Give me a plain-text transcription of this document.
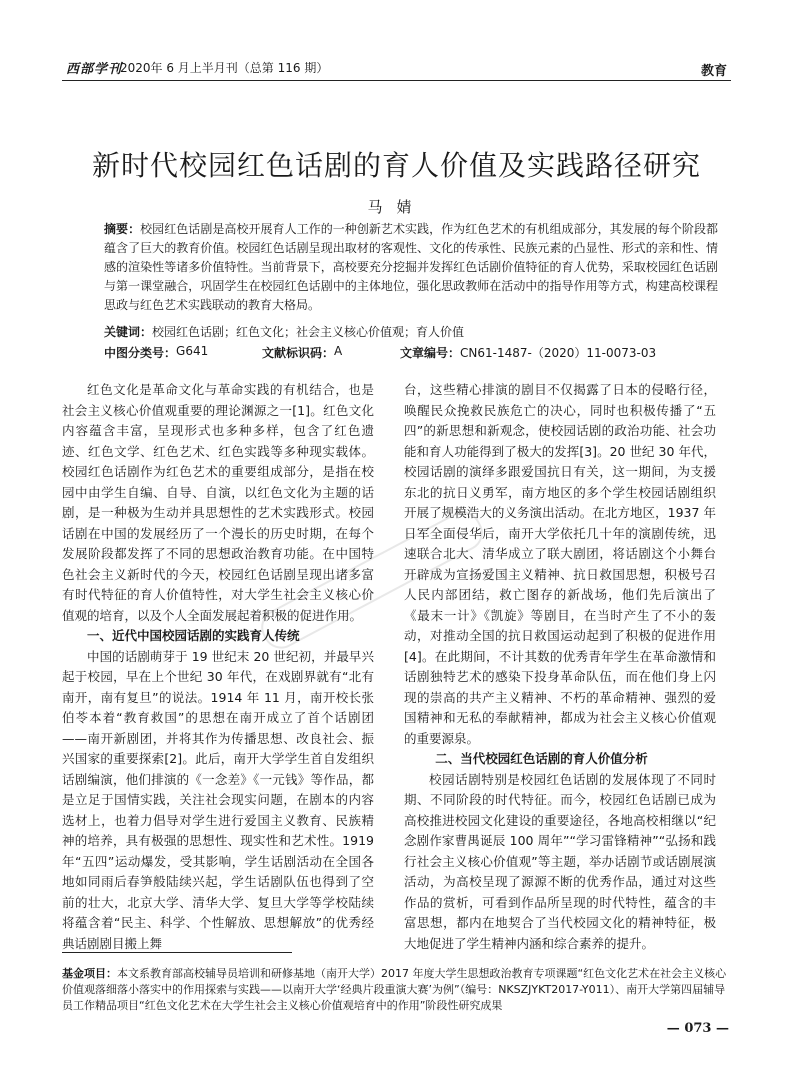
西部学刊
2020年 6 月上半月刊（总第 116 期）	教育
新时代校园红色话剧的育人价值及实践路径研究
马婧
摘要：校园红色话剧是高校开展育人工作的一种创新艺术实践，作为红色艺术的有机组成部分，其发展的每个阶段都蕴含了巨大的教育价值。校园红色话剧呈现出取材的客观性、文化的传承性、民族元素的凸显性、形式的亲和性、情感的渲染性等诸多价值特性。当前背景下，高校要充分挖掘并发挥红色话剧价值特征的育人优势，采取校园红色话剧与第一课堂融合，巩固学生在校园红色话剧中的主体地位，强化思政教师在活动中的指导作用等方式，构建高校课程思政与红色艺术实践联动的教育大格局。
关键词：校园红色话剧；红色文化；社会主义核心价值观；育人价值
中图分类号： G641	文献标识码： A	文章编号： CN61-1487-（2020）11-0073-03

红色文化是革命文化与革命实践的有机结合，也是社会主义核心价值观重要的理论渊源之一[1]。红色文化内容蕴含丰富，呈现形式也多种多样，包含了红色遗迹、红色文学、红色艺术、红色实践等多种现实载体。校园红色话剧作为红色艺术的重要组成部分，是指在校园中由学生自编、自导、自演，以红色文化为主题的话剧，是一种极为生动并具思想性的艺术实践形式。校园话剧在中国的发展经历了一个漫长的历史时期，在每个发展阶段都发挥了不同的思想政治教育功能。在中国特色社会主义新时代的今天，校园红色话剧呈现出诸多富有时代特征的育人价值特性，对大学生社会主义核心价值观的培育，以及个人全面发展起着积极的促进作用。

一、近代中国校园话剧的实践育人传统

中国的话剧萌芽于 19 世纪末 20 世纪初，并最早兴起于校园，早在上个世纪 30 年代，在戏剧界就有“北有南开，南有复旦”的说法。1914 年 11 月，南开校长张伯苓本着“教育救国”的思想在南开成立了首个话剧团——南开新剧团，并将其作为传播思想、改良社会、振兴国家的重要探索[2]。此后，南开大学学生首自发组织话剧编演，他们排演的《一念差》《一元钱》等作品，都是立足于国情实践，关注社会现实问题，在剧本的内容选材上，也着力倡导对学生进行爱国主义教育、民族精神的培养，具有极强的思想性、现实性和艺术性。1919 年“五四”运动爆发，受其影响，学生话剧活动在全国各地如同雨后春笋般陆续兴起，学生话剧队伍也得到了空前的壮大，北京大学、清华大学、复旦大学等学校陆续将蕴含着“民主、科学、个性解放、思想解放”的优秀经典话剧剧目搬上舞

台，这些精心排演的剧目不仅揭露了日本的侵略行径，唤醒民众挽救民族危亡的决心，同时也积极传播了“五四”的新思想和新观念，使校园话剧的政治功能、社会功能和育人功能得到了极大的发挥[3]。20 世纪 30 年代，校园话剧的演绎多跟爱国抗日有关，这一期间，为支援东北的抗日义勇军，南方地区的多个学生校园话剧组织开展了规模浩大的义务演出活动。在北方地区，1937 年日军全面侵华后，南开大学依托几十年的演剧传统，迅速联合北大、清华成立了联大剧团，将话剧这个小舞台开辟成为宣扬爱国主义精神、抗日救国思想，积极号召人民内部团结，救亡图存的新战场，他们先后演出了《最末一计》《凯旋》等剧目，在当时产生了不小的轰动，对推动全国的抗日救国运动起到了积极的促进作用[4]。在此期间，不计其数的优秀青年学生在革命激情和话剧独特艺术的感染下投身革命队伍，而在他们身上闪现的崇高的共产主义精神、不朽的革命精神、强烈的爱国精神和无私的奉献精神，都成为社会主义核心价值观的重要源泉。

二、当代校园红色话剧的育人价值分析

校园话剧特别是校园红色话剧的发展体现了不同时期、不同阶段的时代特征。而今，校园红色话剧已成为高校推进校园文化建设的重要途径，各地高校相继以“纪念剧作家曹禺诞辰 100 周年”“学习雷锋精神”“弘扬和践行社会主义核心价值观”等主题，举办话剧节或话剧展演活动，为高校呈现了源源不断的优秀作品，通过对这些作品的赏析，可看到作品所呈现的时代特性，蕴含的丰富思想，都内在地契合了当代校园文化的精神特征，极大地促进了学生精神内涵和综合素养的提升。

基金项目：本文系教育部高校辅导员培训和研修基地（南开大学）2017 年度大学生思想政治教育专项课题“红色文化艺术在社会主义核心价值观落细落小落实中的作用探索与实践——以南开大学‘经典片段重演大赛’为例”（编号：NKSZJYKT2017-Y011）、南开大学第四届辅导员工作精品项目“红色文化艺术在大学生社会主义核心价值观培育中的作用”阶段性研究成果
— 073 —
